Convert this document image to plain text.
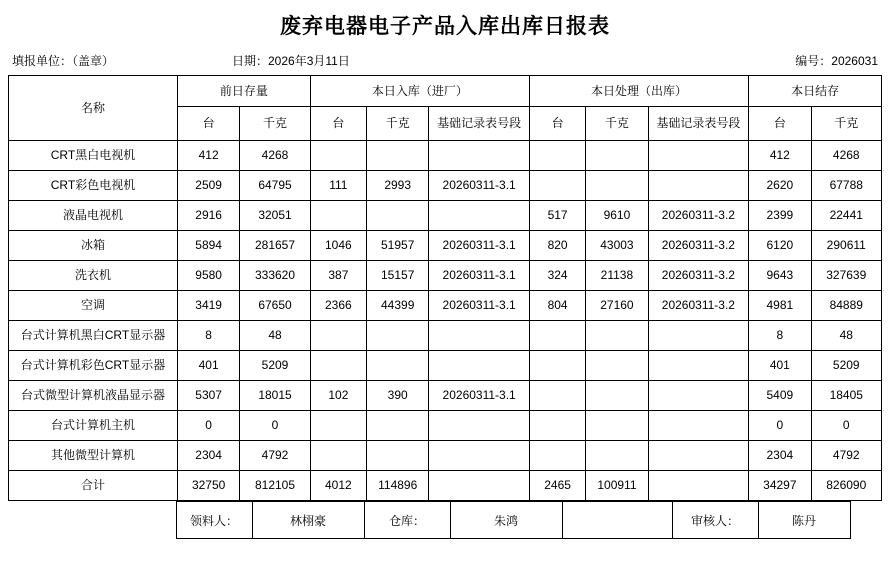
废弃电器电子产品入库出库日报表
填报单位：（盖章）	日期：2026年3月11日	编号：2026031
名称	前日存量		本日入库（进厂）			本日处理（出库）			本日结存	
	台	千克	台	千克	基础记录表号段	台	千克	基础记录表号段	台	千克
CRT黑白电视机	412	4268							412	4268
CRT彩色电视机	2509	64795	111	2993	20260311-3.1				2620	67788
液晶电视机	2916	32051				517	9610	20260311-3.2	2399	22441
冰箱	5894	281657	1046	51957	20260311-3.1	820	43003	20260311-3.2	6120	290611
洗衣机	9580	333620	387	15157	20260311-3.1	324	21138	20260311-3.2	9643	327639
空调	3419	67650	2366	44399	20260311-3.1	804	27160	20260311-3.2	4981	84889
台式计算机黑白CRT显示器	8	48							8	48
台式计算机彩色CRT显示器	401	5209							401	5209
台式微型计算机液晶显示器	5307	18015	102	390	20260311-3.1				5409	18405
台式计算机主机	0	0							0	0
其他微型计算机	2304	4792							2304	4792
合计	32750	812105	4012	114896		2465	100911		34297	826090
	领料人：	林栩豪	仓库：	朱鸿		审核人：	陈丹	
